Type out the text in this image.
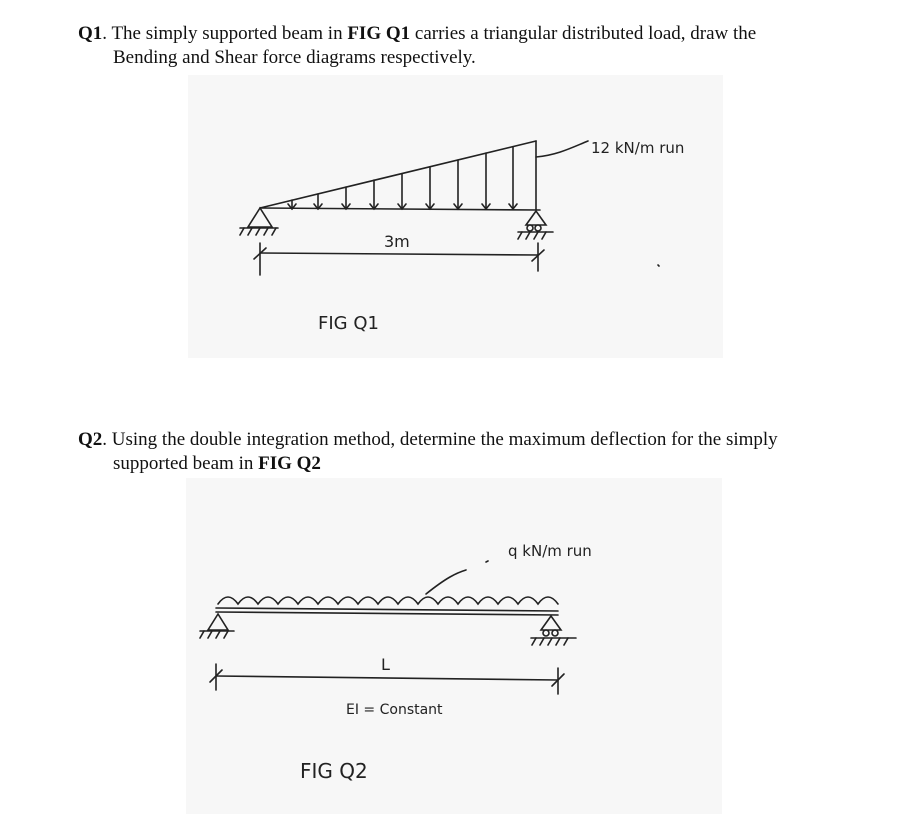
Q1. The simply supported beam in FIG Q1 carries a triangular distributed load, draw the
Bending and Shear force diagrams respectively.
12 kN/m run
3m
FIG Q1
Q2. Using the double integration method, determine the maximum deflection for the simply
supported beam in FIG Q2
q kN/m run
L
EI = Constant
FIG Q2
